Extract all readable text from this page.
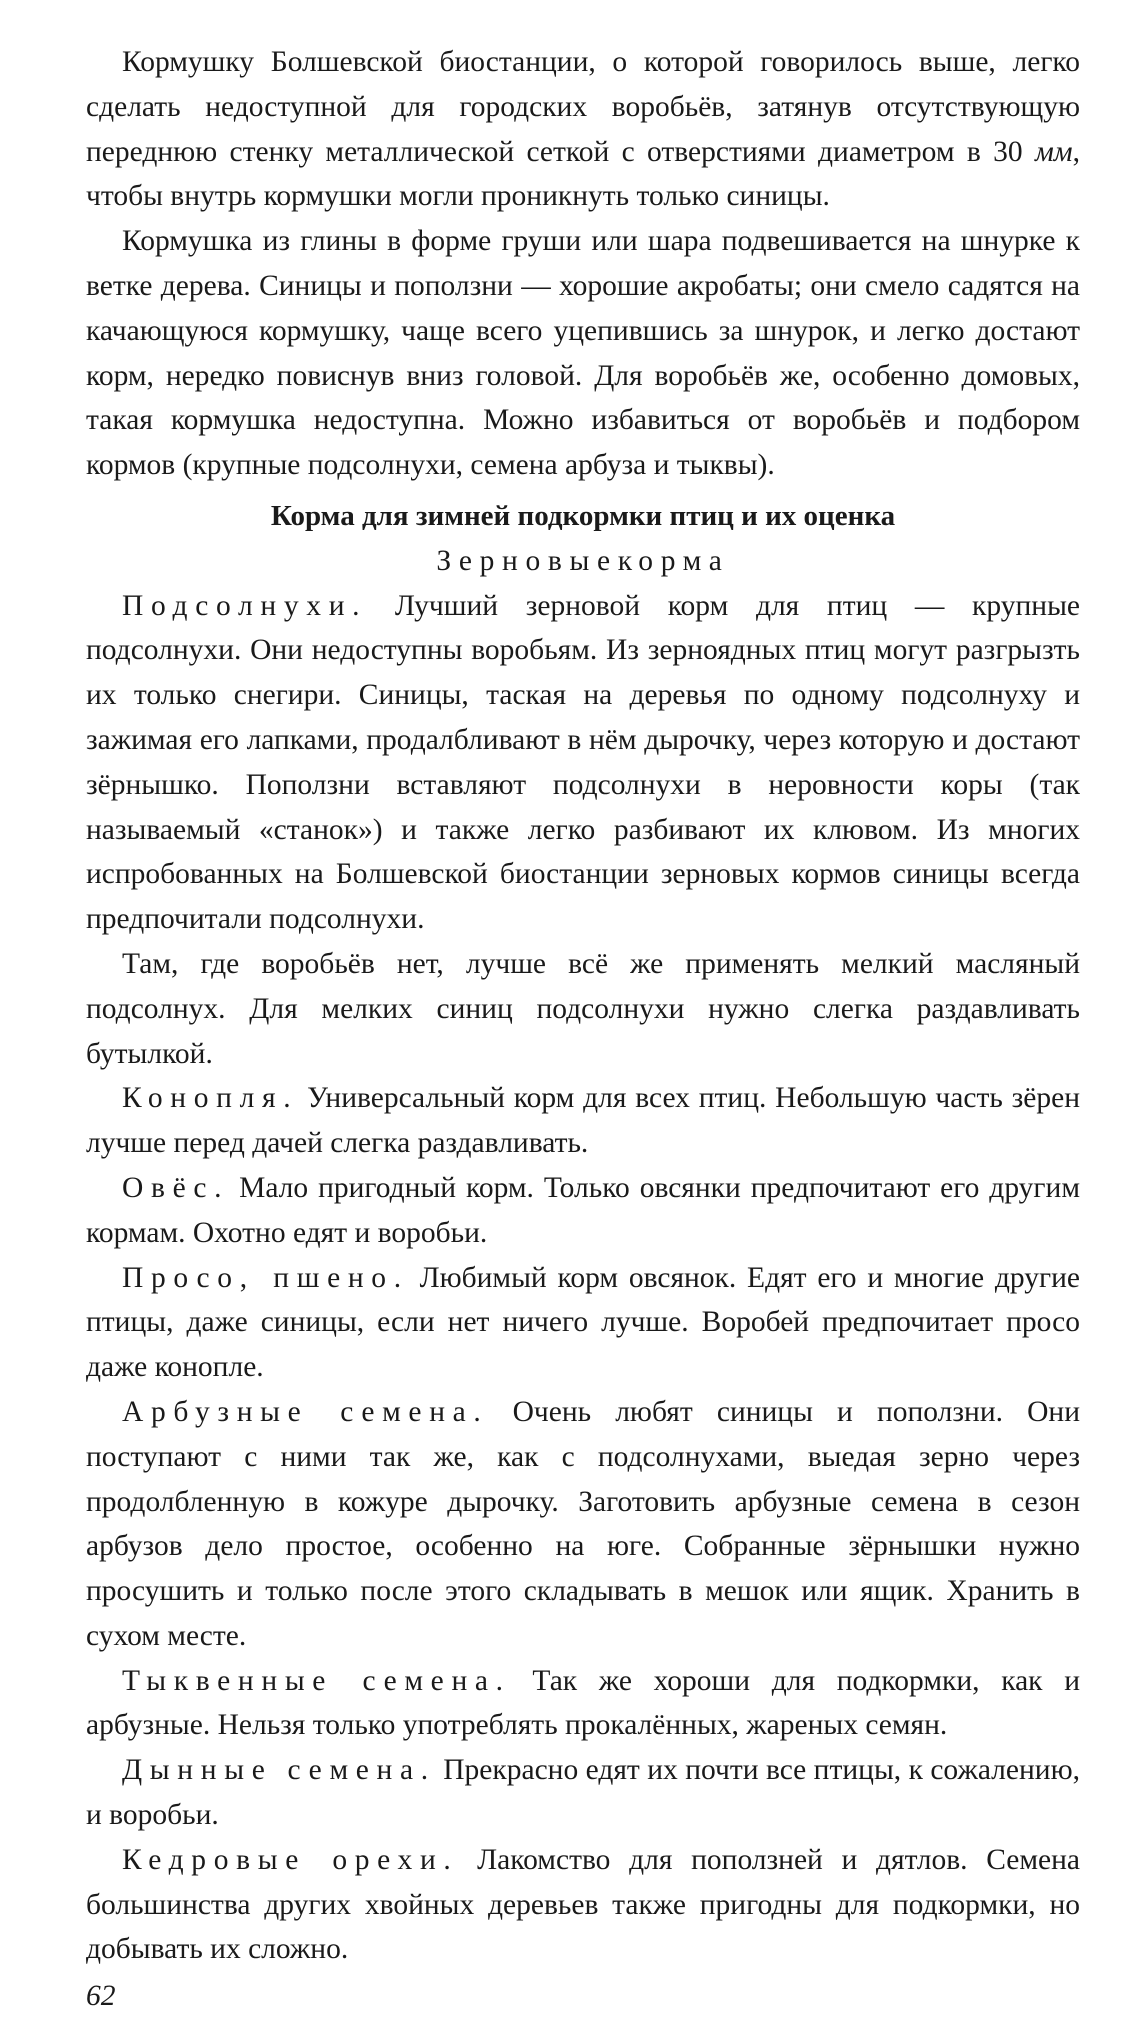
Кормушку Болшевской биостанции, о которой говорилось выше, легко сделать недоступной для городских воробьёв, затянув отсутствующую переднюю стенку металлической сеткой с отверстиями диаметром в 30 мм, чтобы внутрь кормушки могли проникнуть только синицы.

Кормушка из глины в форме груши или шара подвешивается на шнурке к ветке дерева. Синицы и поползни — хорошие акробаты; они смело садятся на качающуюся кормушку, чаще всего уцепившись за шнурок, и легко достают корм, нередко повиснув вниз головой. Для воробьёв же, особенно домовых, такая кормушка недоступна. Можно избавиться от воробьёв и подбором кормов (крупные подсолнухи, семена арбуза и тыквы).

Корма для зимней подкормки птиц и их оценка
Зерновыекорма

Подсолнухи. Лучший зерновой корм для птиц — крупные подсолнухи. Они недоступны воробьям. Из зерноядных птиц могут разгрызть их только снегири. Синицы, таская на деревья по одному подсолнуху и зажимая его лапками, продалбливают в нём дырочку, через которую и достают зёрнышко. Поползни вставляют подсолнухи в неровности коры (так называемый «станок») и также легко разбивают их клювом. Из многих испробованных на Болшевской биостанции зерновых кормов синицы всегда предпочитали подсолнухи.

Там, где воробьёв нет, лучше всё же применять мелкий масляный подсолнух. Для мелких синиц подсолнухи нужно слегка раздавливать бутылкой.

Конопля. Универсальный корм для всех птиц. Небольшую часть зёрен лучше перед дачей слегка раздавливать.

Овёс. Мало пригодный корм. Только овсянки предпочитают его другим кормам. Охотно едят и воробьи.

Просо, пшено. Любимый корм овсянок. Едят его и многие другие птицы, даже синицы, если нет ничего лучше. Воробей предпочитает просо даже конопле.

Арбузные семена. Очень любят синицы и поползни. Они поступают с ними так же, как с подсолнухами, выедая зерно через продолбленную в кожуре дырочку. Заготовить арбузные семена в сезон арбузов дело простое, особенно на юге. Собранные зёрнышки нужно просушить и только после этого складывать в мешок или ящик. Хранить в сухом месте.

Тыквенные семена. Так же хороши для подкормки, как и арбузные. Нельзя только употреблять прокалённых, жареных семян.

Дынные семена. Прекрасно едят их почти все птицы, к сожалению, и воробьи.

Кедровые орехи. Лакомство для поползней и дятлов. Семена большинства других хвойных деревьев также пригодны для подкормки, но добывать их сложно.

62
